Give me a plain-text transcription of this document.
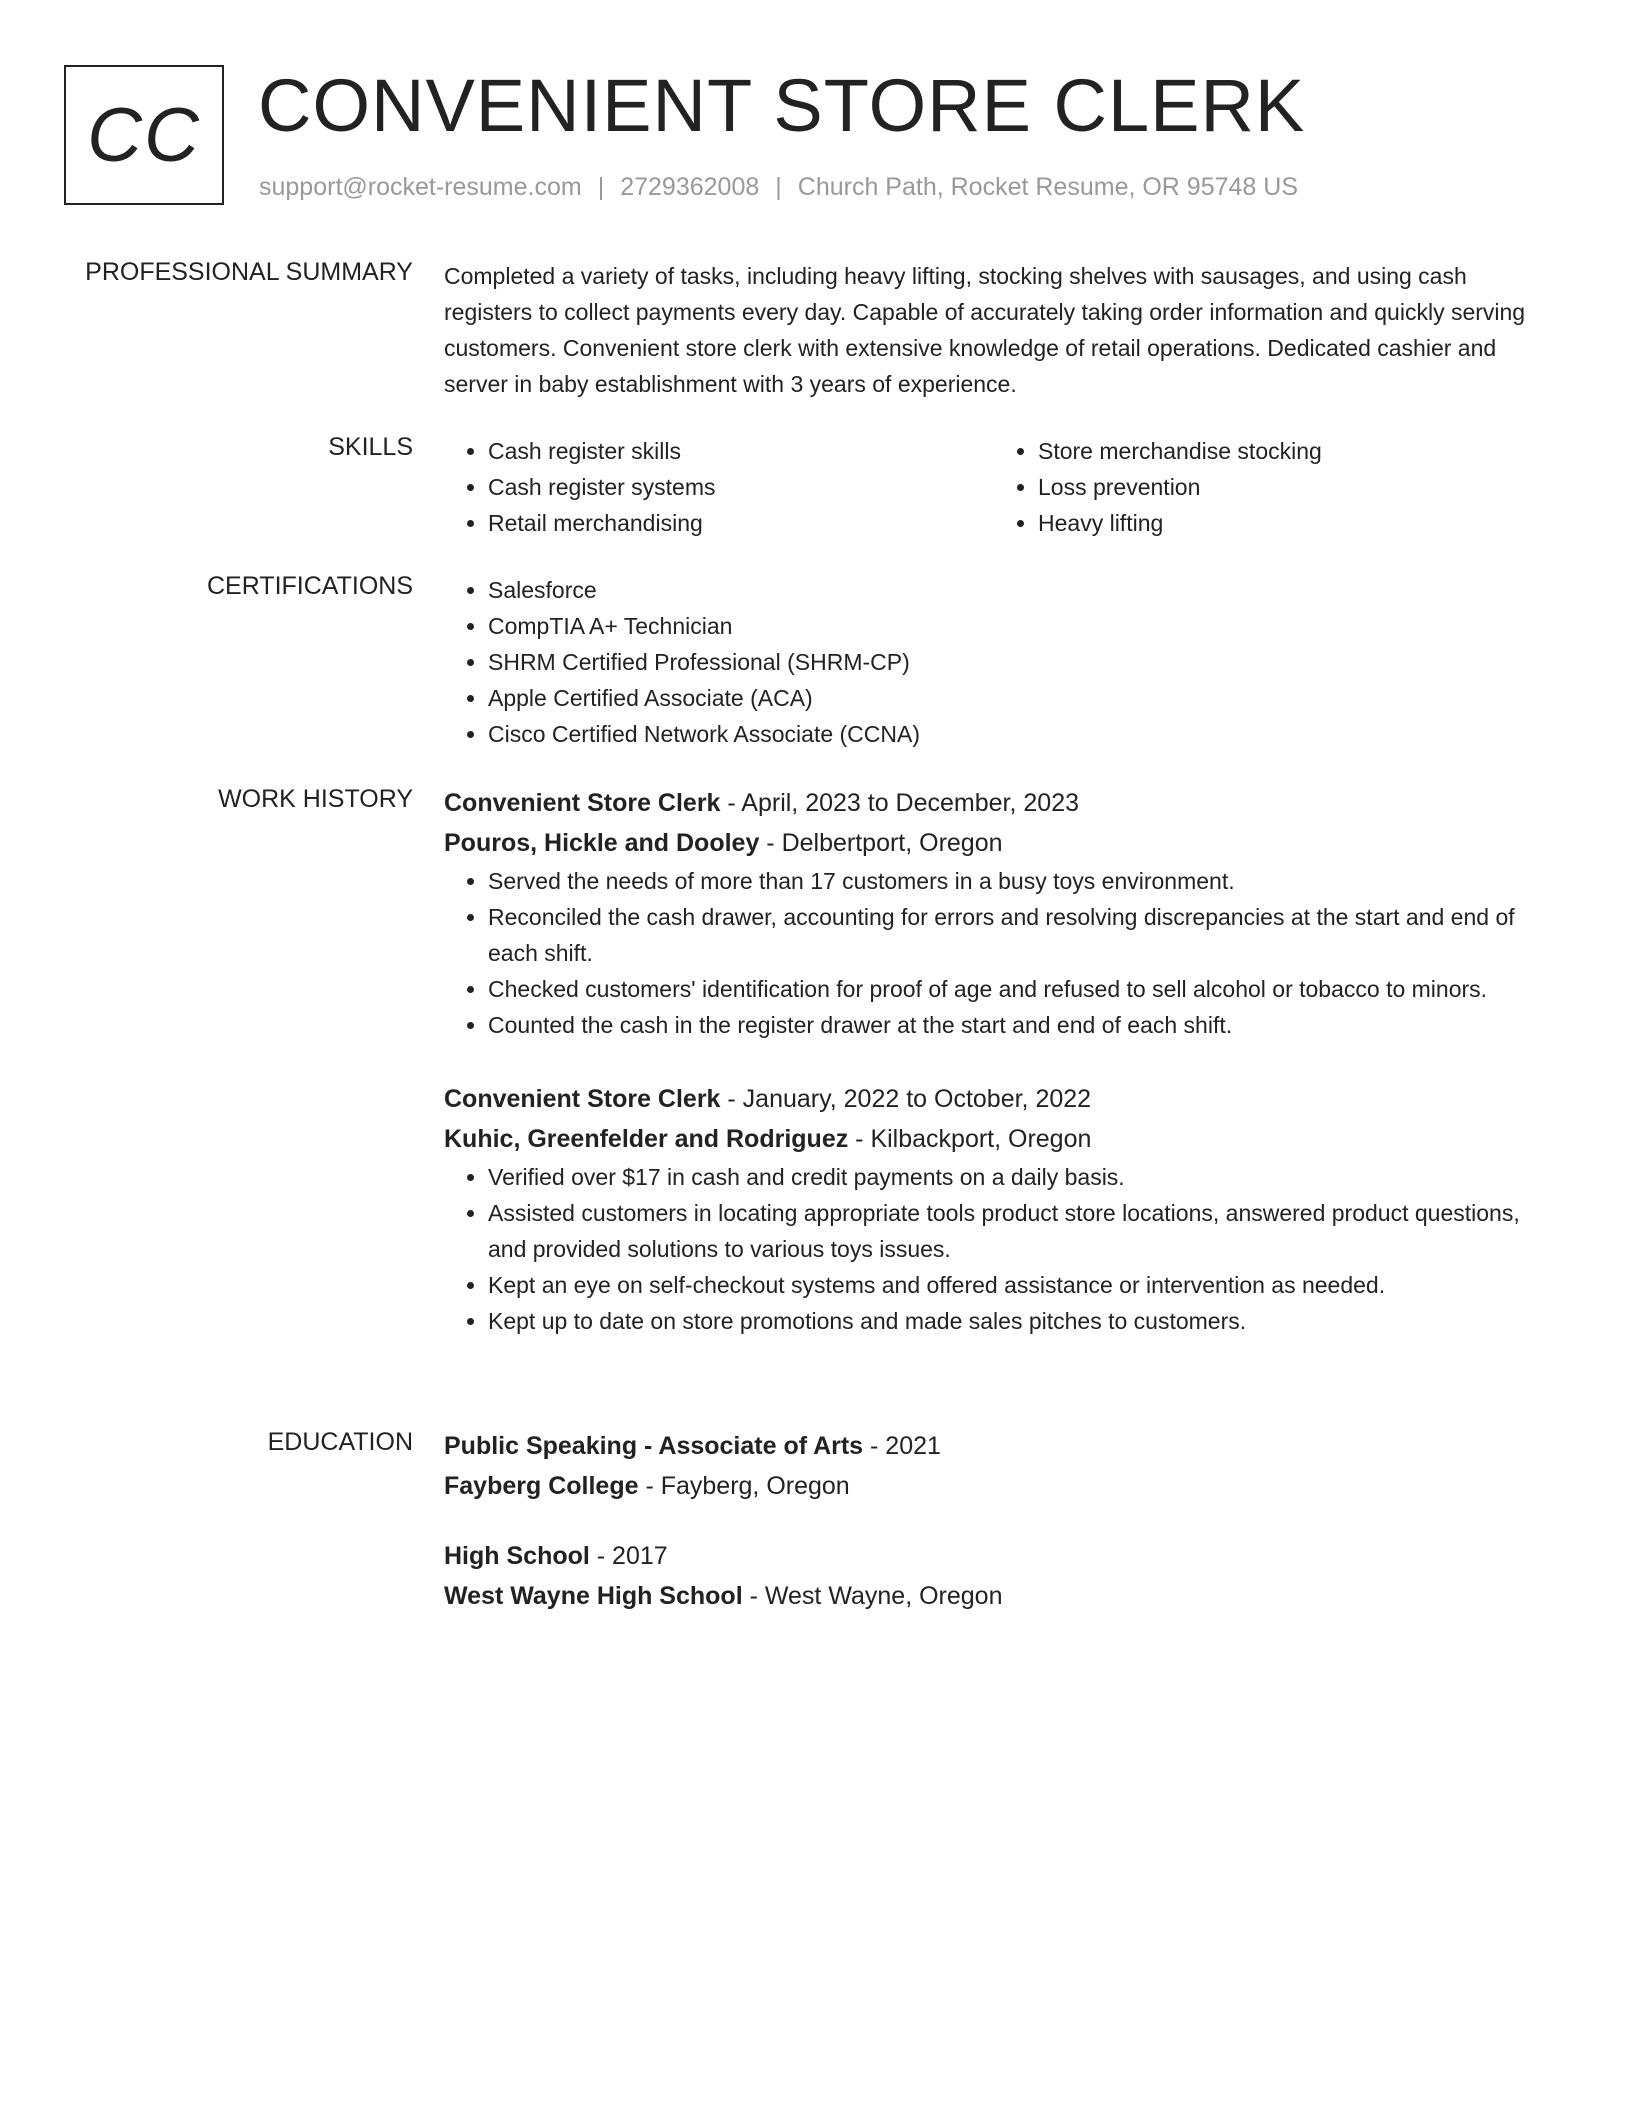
CC CONVENIENT STORE CLERK
support@rocket-resume.com | 2729362008 | Church Path, Rocket Resume, OR 95748 US
PROFESSIONAL SUMMARY Completed a variety of tasks, including heavy lifting, stocking shelves with sausages, and using cash registers to collect payments every day. Capable of accurately taking order information and quickly serving customers. Convenient store clerk with extensive knowledge of retail operations. Dedicated cashier and server in baby establishment with 3 years of experience.

SKILLS	• Cash register skills
• Cash register systems
• Retail merchandising
• Store merchandise stocking
• Loss prevention
• Heavy lifting
CERTIFICATIONS	• Salesforce
• CompTIA A+ Technician
• SHRM Certified Professional (SHRM-CP)
• Apple Certified Associate (ACA)
• Cisco Certified Network Associate (CCNA)
WORK HISTORY Convenient Store Clerk - April, 2023 to December, 2023

Pouros, Hickle and Dooley - Delbertport, Oregon

• Served the needs of more than 17 customers in a busy toys environment.
• Reconciled the cash drawer, accounting for errors and resolving discrepancies at the start and end of each shift.
• Checked customers' identification for proof of age and refused to sell alcohol or tobacco to minors.
• Counted the cash in the register drawer at the start and end of each shift.

Convenient Store Clerk - January, 2022 to October, 2022

Kuhic, Greenfelder and Rodriguez - Kilbackport, Oregon

• Verified over $17 in cash and credit payments on a daily basis.
• Assisted customers in locating appropriate tools product store locations, answered product questions, and provided solutions to various toys issues.
• Kept an eye on self-checkout systems and offered assistance or intervention as needed.
• Kept up to date on store promotions and made sales pitches to customers.
EDUCATION Public Speaking - Associate of Arts - 2021

Fayberg College - Fayberg, Oregon

High School - 2017

West Wayne High School - West Wayne, Oregon
